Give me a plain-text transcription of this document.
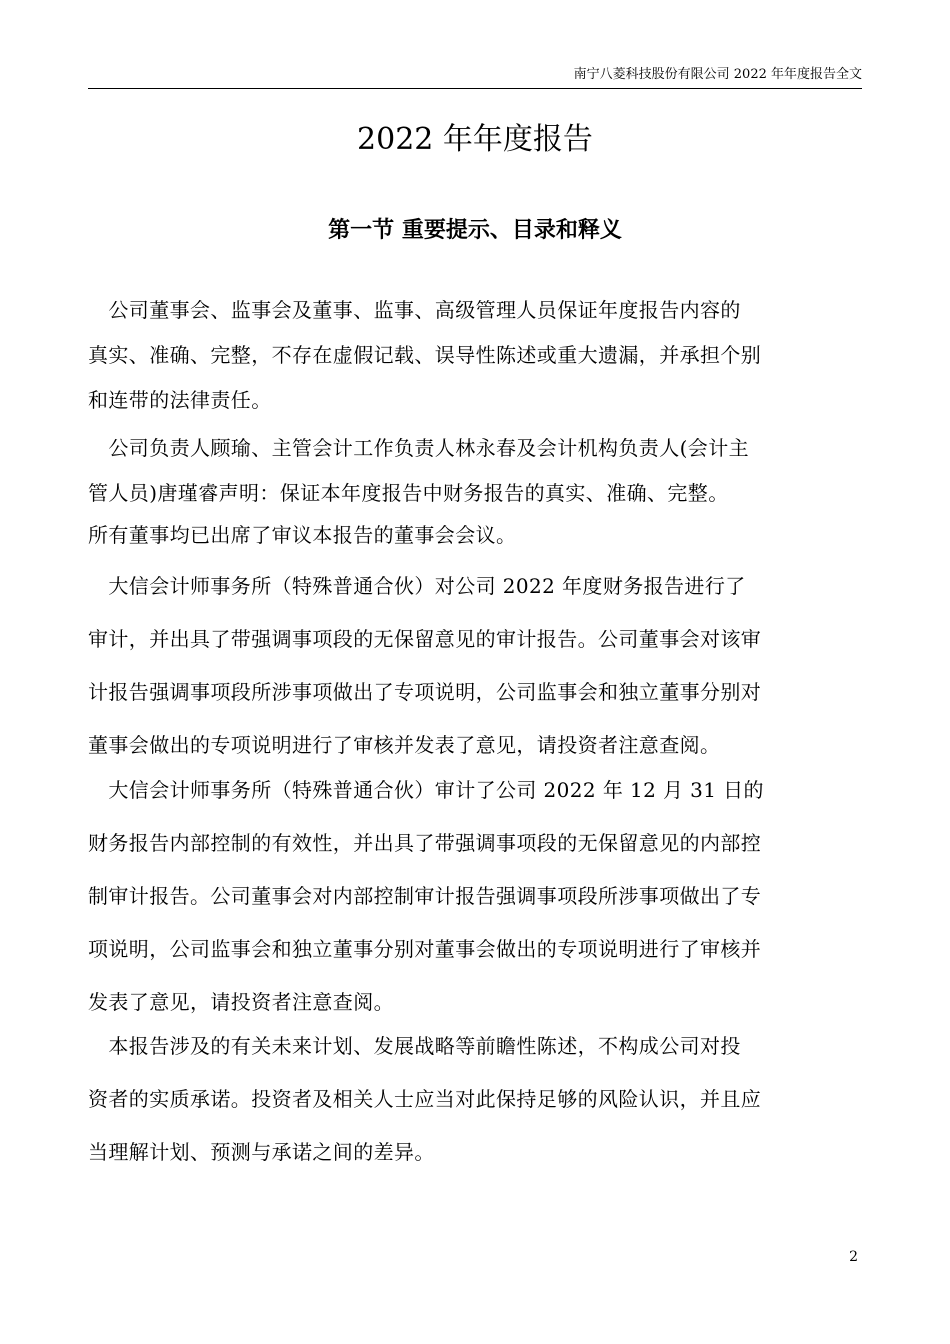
南宁八菱科技股份有限公司 2022 年年度报告全文
2022 年年度报告
第一节 重要提示、目录和释义
　公司董事会、监事会及董事、监事、高级管理人员保证年度报告内容的
真实、准确、完整，不存在虚假记载、误导性陈述或重大遗漏，并承担个别
和连带的法律责任。
　公司负责人顾瑜、主管会计工作负责人林永春及会计机构负责人(会计主
管人员)唐瑾睿声明：保证本年度报告中财务报告的真实、准确、完整。
所有董事均已出席了审议本报告的董事会会议。
　大信会计师事务所（特殊普通合伙）对公司 2022 年度财务报告进行了
审计，并出具了带强调事项段的无保留意见的审计报告。公司董事会对该审
计报告强调事项段所涉事项做出了专项说明，公司监事会和独立董事分别对
董事会做出的专项说明进行了审核并发表了意见，请投资者注意查阅。
　大信会计师事务所（特殊普通合伙）审计了公司 2022 年 12 月 31 日的
财务报告内部控制的有效性，并出具了带强调事项段的无保留意见的内部控
制审计报告。公司董事会对内部控制审计报告强调事项段所涉事项做出了专
项说明，公司监事会和独立董事分别对董事会做出的专项说明进行了审核并
发表了意见，请投资者注意查阅。
　本报告涉及的有关未来计划、发展战略等前瞻性陈述，不构成公司对投
资者的实质承诺。投资者及相关人士应当对此保持足够的风险认识，并且应
当理解计划、预测与承诺之间的差异。
2
